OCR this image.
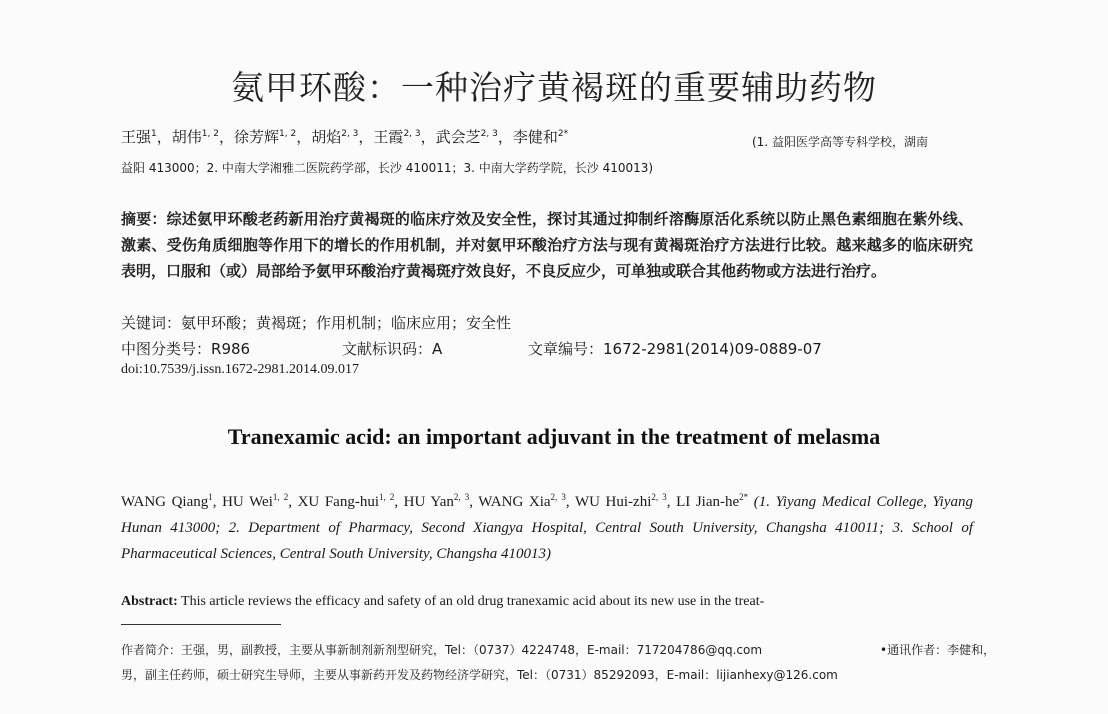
氨甲环酸：一种治疗黄褐斑的重要辅助药物
王强$^1$，胡伟$^{1, 2}$，徐芳辉$^{1, 2}$，胡焰$^{2, 3}$，王霞$^{2, 3}$，武会芝$^{2, 3}$，李健和$^{2*}$
(1. 益阳医学高等专科学校，湖南
益阳 413000；2. 中南大学湘雅二医院药学部，长沙 410011；3. 中南大学药学院，长沙 410013)
摘要：综述氨甲环酸老药新用治疗黄褐斑的临床疗效及安全性，探讨其通过抑制纤溶酶原活化系统以防止黑色素细胞在紫外线、激素、受伤角质细胞等作用下的增长的作用机制，并对氨甲环酸治疗方法与现有黄褐斑治疗方法进行比较。越来越多的临床研究表明，口服和（或）局部给予氨甲环酸治疗黄褐斑疗效良好，不良反应少，可单独或联合其他药物或方法进行治疗。
关键词：氨甲环酸；黄褐斑；作用机制；临床应用；安全性
中图分类号：R986	文献标识码：A	文章编号：1672-2981(2014)09-0889-07
doi:10.7539/j.issn.1672-2981.2014.09.017
Tranexamic acid: an important adjuvant in the treatment of melasma
WANG Qiang$^1$, HU Wei$^{1, 2}$, XU Fang-hui$^{1, 2}$, HU Yan$^{2, 3}$, WANG Xia$^{2, 3}$, WU Hui-zhi$^{2, 3}$, LI Jian-$he^{2*}$ (1. Yiyang Medical College, Yiyang Hunan 413000; 2. Department of Pharmacy, Second Xiangya Hospital, Central South University, Changsha 410011; 3. School of Pharmaceutical Sciences, Central South University, Changsha 410013)
Abstract: This article reviews the efficacy and safety of an old drug tranexamic acid about its new use in the treat-
作者简介：王强，男，副教授，主要从事新制剂新剂型研究，Tel：（0737）4224748，E-mail：717204786@qq.com	•通讯作者：李健和，
男，副主任药师，硕士研究生导师，主要从事新药开发及药物经济学研究，Tel：（0731）85292093，E-mail：lijianhexy@126.com
